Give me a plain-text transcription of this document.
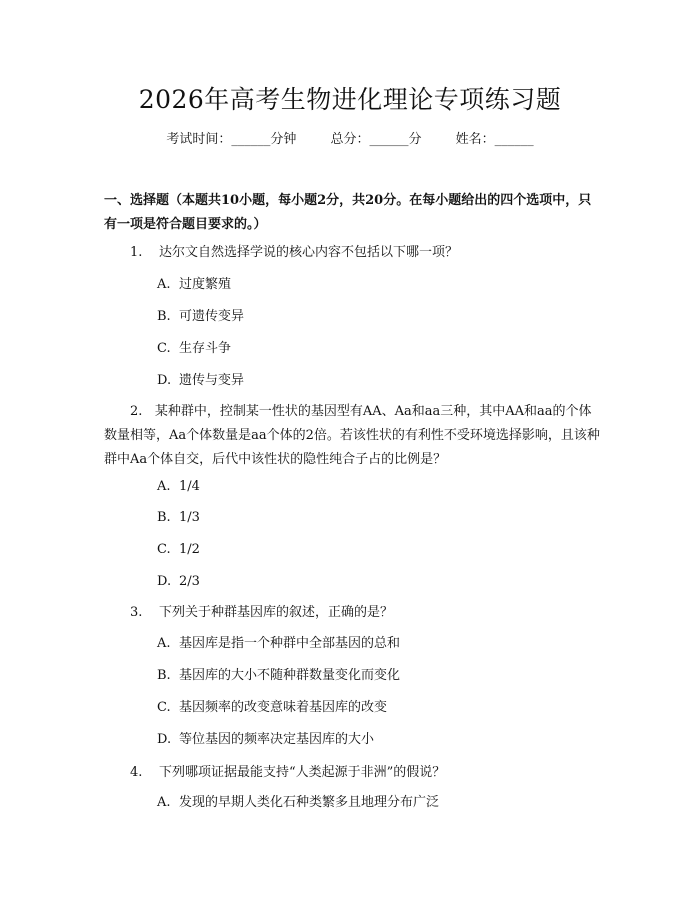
2026年高考生物进化理论专项练习题
考试时间：______分钟	总分：______分	姓名：______
一、选择题（本题共10小题，每小题2分，共20分。在每小题给出的四个选项中，只有一项是符合题目要求的。）
1. 达尔文自然选择学说的核心内容不包括以下哪一项？
A. 过度繁殖
B. 可遗传变异
C. 生存斗争
D. 遗传与变异
2. 某种群中，控制某一性状的基因型有AA、Aa和aa三种，其中AA和aa的个体数量相等，Aa个体数量是aa个体的2倍。若该性状的有利性不受环境选择影响，且该种群中Aa个体自交，后代中该性状的隐性纯合子占的比例是？
A. 1/4
B. 1/3
C. 1/2
D. 2/3
3. 下列关于种群基因库的叙述，正确的是？
A. 基因库是指一个种群中全部基因的总和
B. 基因库的大小不随种群数量变化而变化
C. 基因频率的改变意味着基因库的改变
D. 等位基因的频率决定基因库的大小
4. 下列哪项证据最能支持“人类起源于非洲”的假说？
A. 发现的早期人类化石种类繁多且地理分布广泛
